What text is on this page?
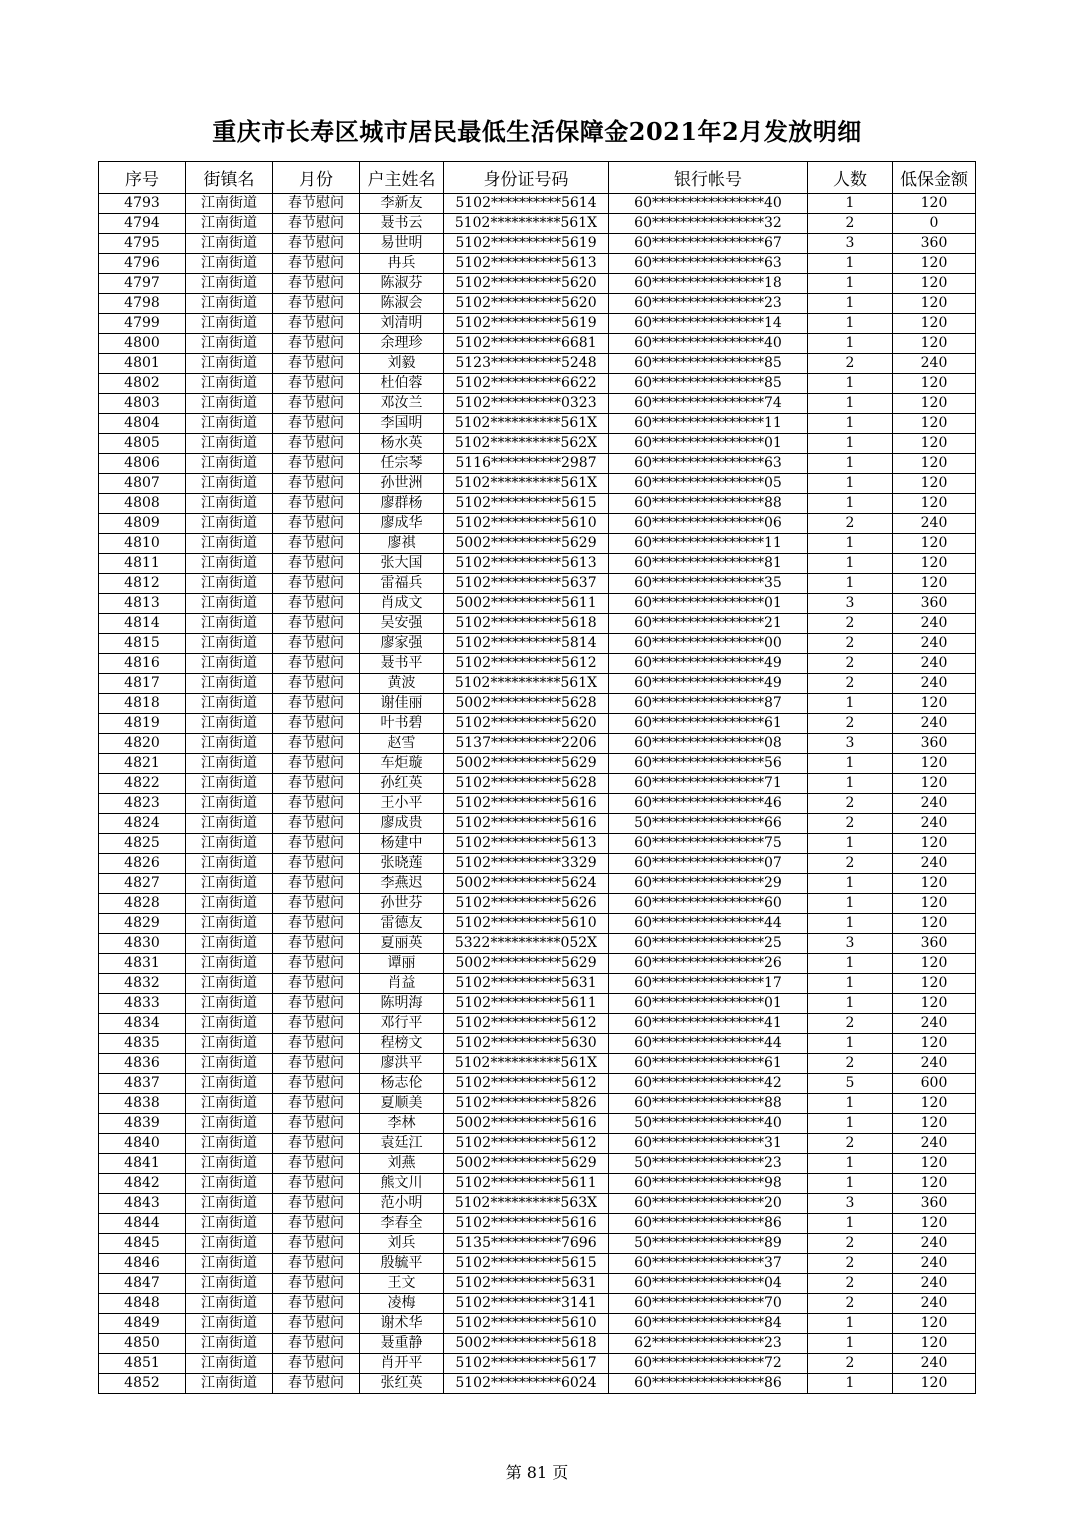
重庆市长寿区城市居民最低生活保障金2021年2月发放明细
序号	街镇名	月份	户主姓名	身份证号码	银行帐号	人数	低保金额
4793	江南街道	春节慰问	李新友	5102**********5614	60****************40	1	120
4794	江南街道	春节慰问	聂书云	5102**********561X	60****************32	2	0
4795	江南街道	春节慰问	易世明	5102**********5619	60****************67	3	360
4796	江南街道	春节慰问	冉兵	5102**********5613	60****************63	1	120
4797	江南街道	春节慰问	陈淑芬	5102**********5620	60****************18	1	120
4798	江南街道	春节慰问	陈淑会	5102**********5620	60****************23	1	120
4799	江南街道	春节慰问	刘清明	5102**********5619	60****************14	1	120
4800	江南街道	春节慰问	余理珍	5102**********6681	60****************40	1	120
4801	江南街道	春节慰问	刘毅	5123**********5248	60****************85	2	240
4802	江南街道	春节慰问	杜伯蓉	5102**********6622	60****************85	1	120
4803	江南街道	春节慰问	邓汝兰	5102**********0323	60****************74	1	120
4804	江南街道	春节慰问	李国明	5102**********561X	60****************11	1	120
4805	江南街道	春节慰问	杨水英	5102**********562X	60****************01	1	120
4806	江南街道	春节慰问	任宗琴	5116**********2987	60****************63	1	120
4807	江南街道	春节慰问	孙世洲	5102**********561X	60****************05	1	120
4808	江南街道	春节慰问	廖群杨	5102**********5615	60****************88	1	120
4809	江南街道	春节慰问	廖成华	5102**********5610	60****************06	2	240
4810	江南街道	春节慰问	廖祺	5002**********5629	60****************11	1	120
4811	江南街道	春节慰问	张大国	5102**********5613	60****************81	1	120
4812	江南街道	春节慰问	雷福兵	5102**********5637	60****************35	1	120
4813	江南街道	春节慰问	肖成文	5002**********5611	60****************01	3	360
4814	江南街道	春节慰问	吴安强	5102**********5618	60****************21	2	240
4815	江南街道	春节慰问	廖家强	5102**********5814	60****************00	2	240
4816	江南街道	春节慰问	聂书平	5102**********5612	60****************49	2	240
4817	江南街道	春节慰问	黄波	5102**********561X	60****************49	2	240
4818	江南街道	春节慰问	谢佳丽	5002**********5628	60****************87	1	120
4819	江南街道	春节慰问	叶书碧	5102**********5620	60****************61	2	240
4820	江南街道	春节慰问	赵雪	5137**********2206	60****************08	3	360
4821	江南街道	春节慰问	车炬璇	5002**********5629	60****************56	1	120
4822	江南街道	春节慰问	孙红英	5102**********5628	60****************71	1	120
4823	江南街道	春节慰问	王小平	5102**********5616	60****************46	2	240
4824	江南街道	春节慰问	廖成贵	5102**********5616	50****************66	2	240
4825	江南街道	春节慰问	杨建中	5102**********5613	60****************75	1	120
4826	江南街道	春节慰问	张晓莲	5102**********3329	60****************07	2	240
4827	江南街道	春节慰问	李燕迟	5002**********5624	60****************29	1	120
4828	江南街道	春节慰问	孙世芬	5102**********5626	60****************60	1	120
4829	江南街道	春节慰问	雷德友	5102**********5610	60****************44	1	120
4830	江南街道	春节慰问	夏丽英	5322**********052X	60****************25	3	360
4831	江南街道	春节慰问	谭丽	5002**********5629	60****************26	1	120
4832	江南街道	春节慰问	肖益	5102**********5631	60****************17	1	120
4833	江南街道	春节慰问	陈明海	5102**********5611	60****************01	1	120
4834	江南街道	春节慰问	邓行平	5102**********5612	60****************41	2	240
4835	江南街道	春节慰问	程榜文	5102**********5630	60****************44	1	120
4836	江南街道	春节慰问	廖洪平	5102**********561X	60****************61	2	240
4837	江南街道	春节慰问	杨志伦	5102**********5612	60****************42	5	600
4838	江南街道	春节慰问	夏顺美	5102**********5826	60****************88	1	120
4839	江南街道	春节慰问	李林	5002**********5616	50****************40	1	120
4840	江南街道	春节慰问	袁廷江	5102**********5612	60****************31	2	240
4841	江南街道	春节慰问	刘燕	5002**********5629	50****************23	1	120
4842	江南街道	春节慰问	熊文川	5102**********5611	60****************98	1	120
4843	江南街道	春节慰问	范小明	5102**********563X	60****************20	3	360
4844	江南街道	春节慰问	李春全	5102**********5616	60****************86	1	120
4845	江南街道	春节慰问	刘兵	5135**********7696	50****************89	2	240
4846	江南街道	春节慰问	殷毓平	5102**********5615	60****************37	2	240
4847	江南街道	春节慰问	王文	5102**********5631	60****************04	2	240
4848	江南街道	春节慰问	凌梅	5102**********3141	60****************70	2	240
4849	江南街道	春节慰问	谢术华	5102**********5610	60****************84	1	120
4850	江南街道	春节慰问	聂重静	5002**********5618	62****************23	1	120
4851	江南街道	春节慰问	肖开平	5102**********5617	60****************72	2	240
4852	江南街道	春节慰问	张红英	5102**********6024	60****************86	1	120
第 81 页
